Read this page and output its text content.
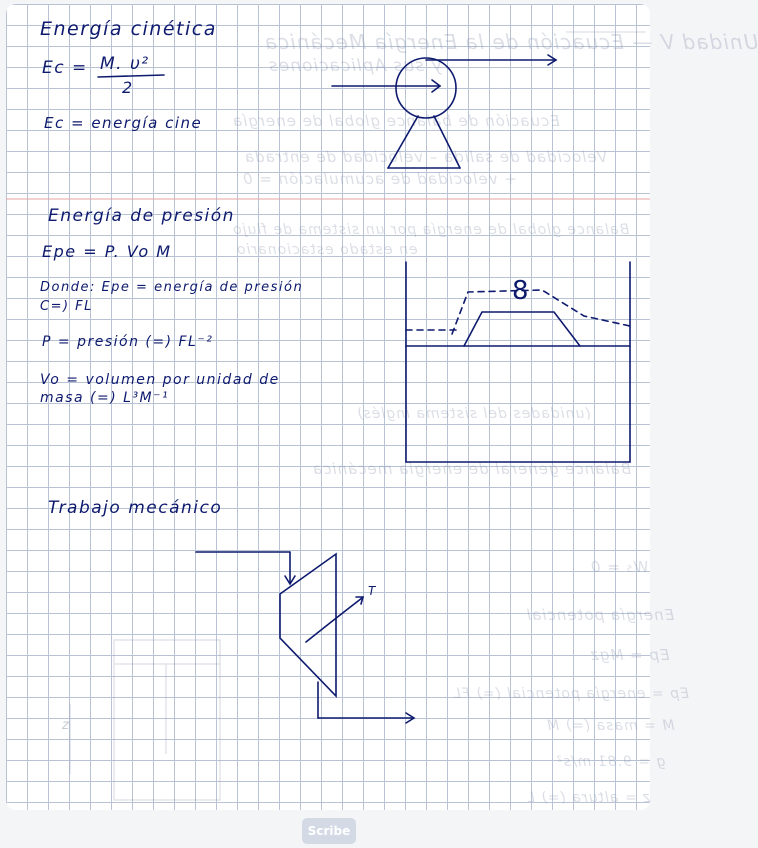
Unidad V — Ecuación de la Energía Mecánica
y sus Aplicaciones
Ecuación de balance global de energía
Velocidad de salida – velocidad de entrada
+ velocidad de acumulación = 0
Balance global de energía por un sistema de flujo
en estado estacionario
(unidades del sistema inglés)
Balance general de energía mecánica
W₅ = 0
Energía potencial
Ep = Mgz
Ep = energía potencial (=) FL
M = masa (=) M
g = 9.81 m/s²
z = altura (=) L
Energía cinética
Ec = M. υ²
2
Ec = energía cine
Energía de presión
Epe = P. Vo M
Donde: Epe = energía de presión
C=) FL
P = presión (=) FL⁻²
Vo = volumen por unidad de
masa (=) L³M⁻¹
Trabajo mecánico
T
z
8
Scribe
